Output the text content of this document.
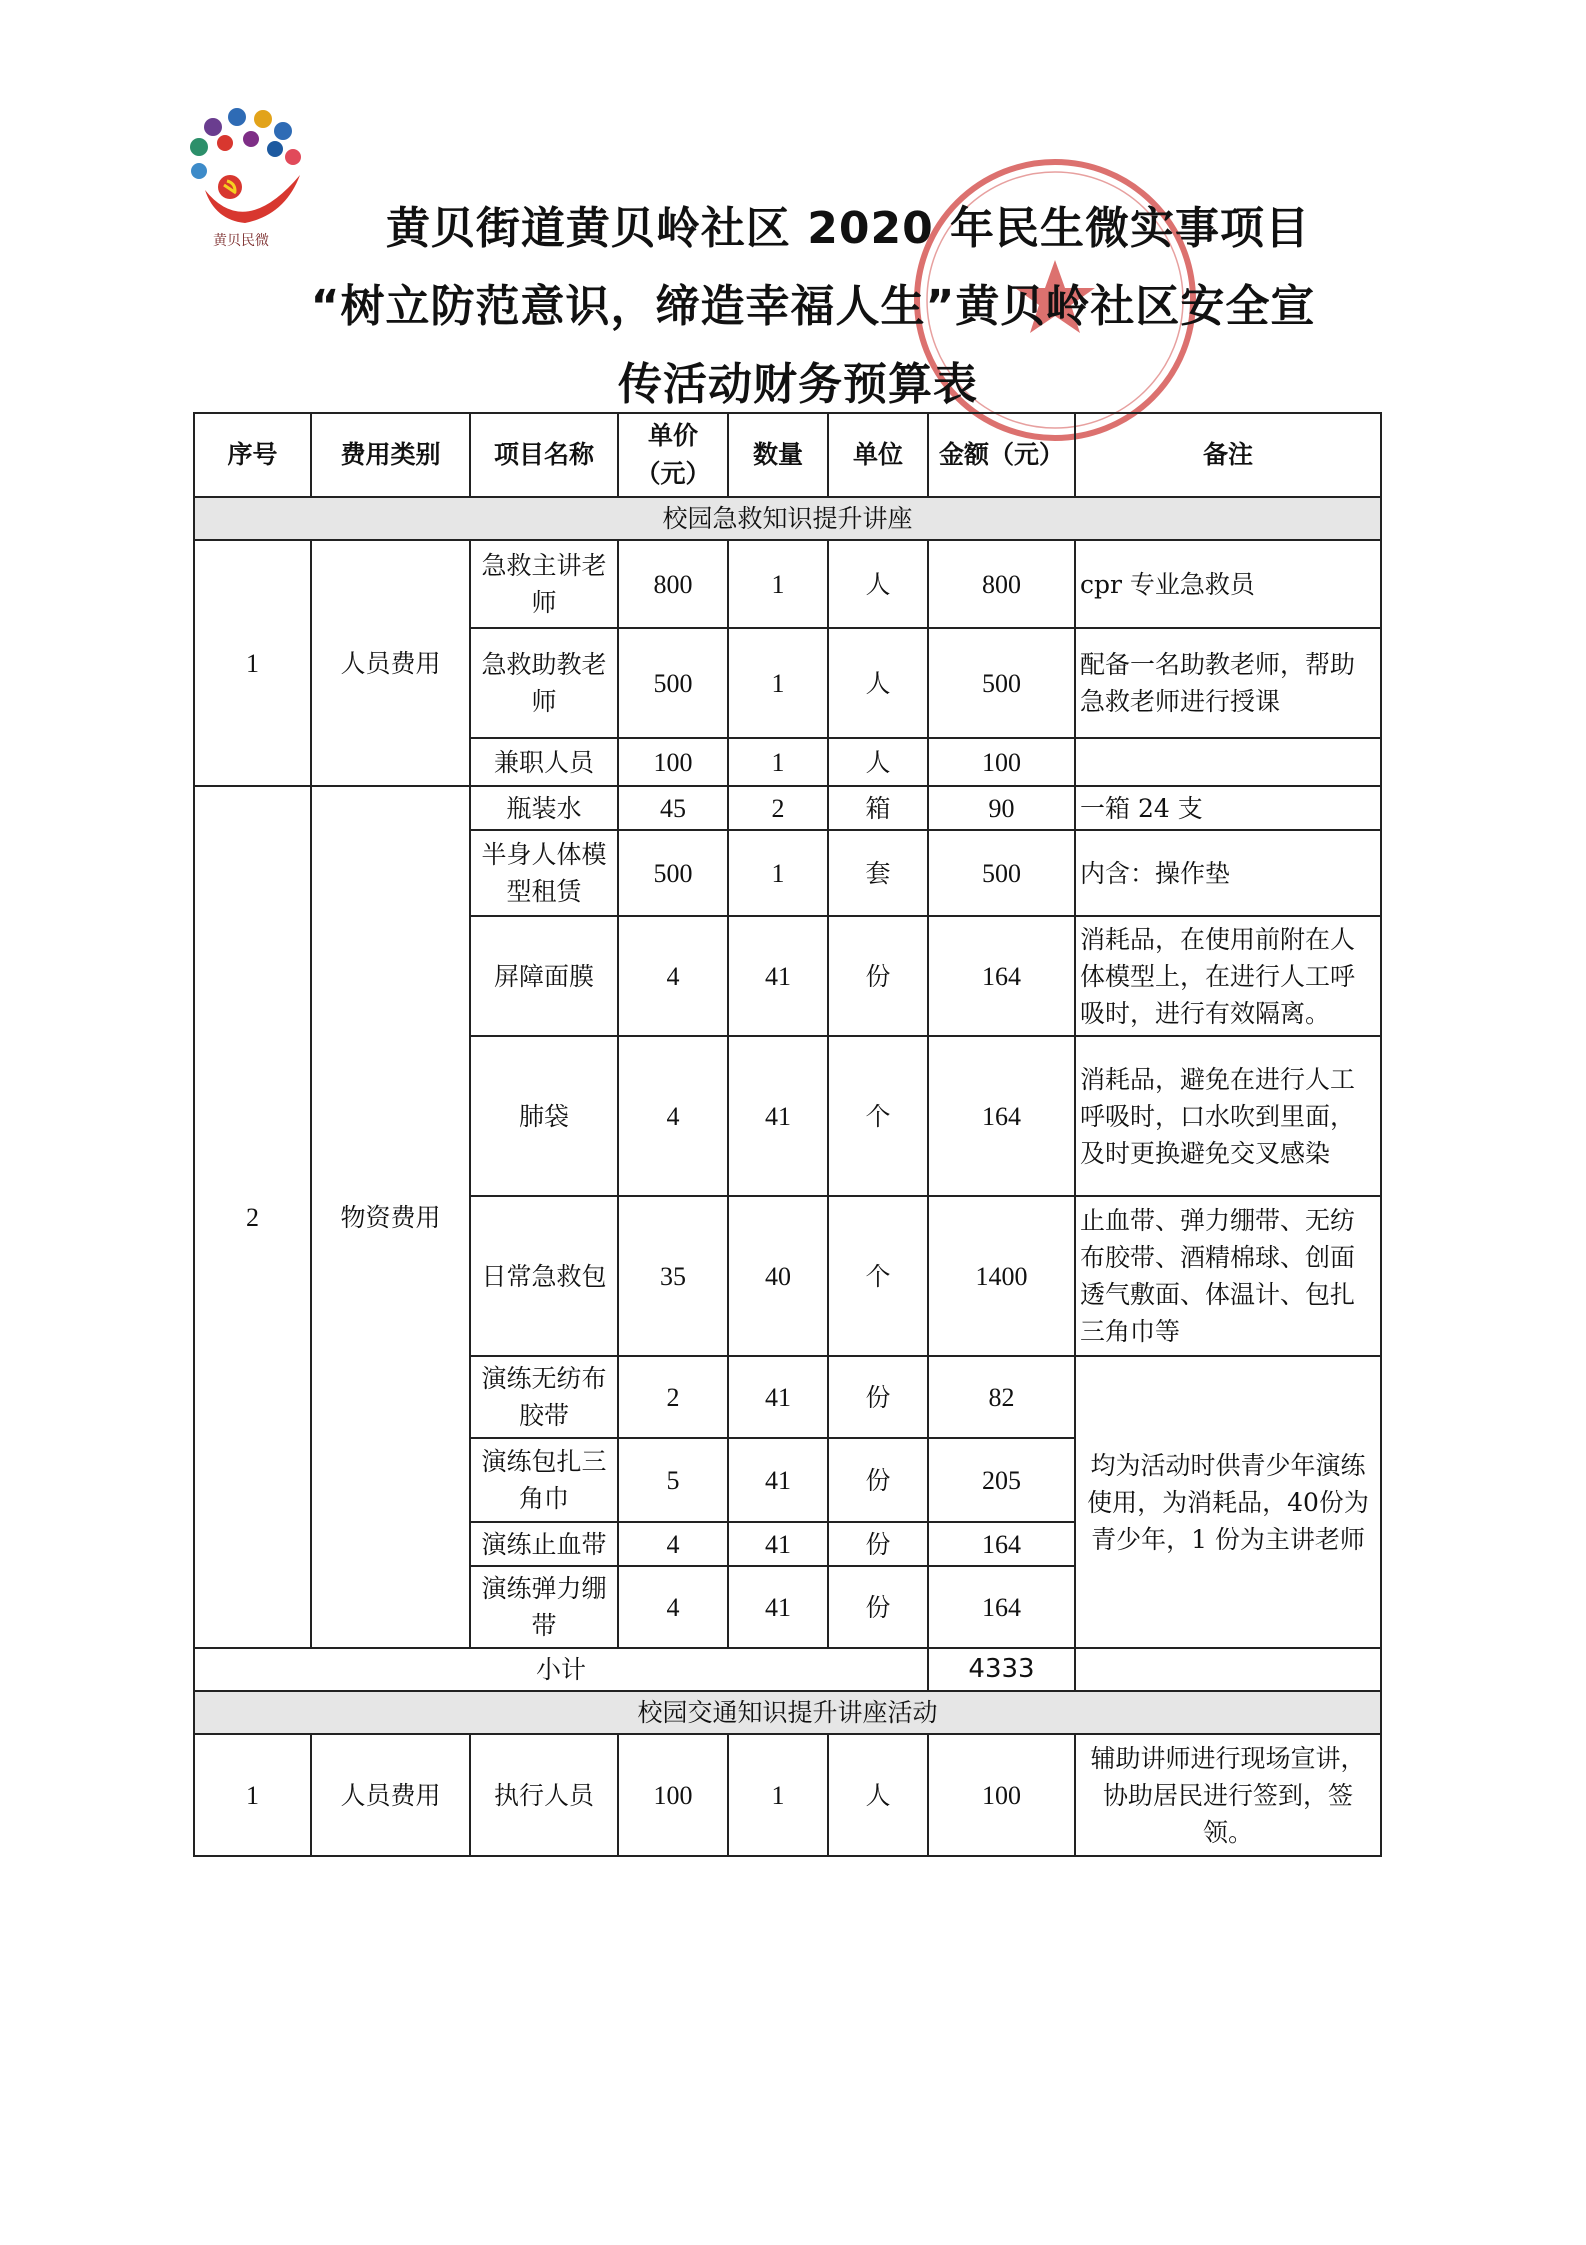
黄贝民微	黄贝街道黄贝岭社区 2020 年民生微实事项目
“树立防范意识，缔造幸福人生”黄贝岭社区安全宣
传活动财务预算表
序号	费用类别	项目名称	单价（元）	数量	单位	金额（元）	备注
校园急救知识提升讲座							
1	人员费用	急救主讲老师	800	1	人	800	cpr 专业急救员
		急救助教老师	500	1	人	500	配备一名助教老师，帮助急救老师进行授课
		兼职人员	100	1	人	100	
2	物资费用	瓶装水	45	2	箱	90	一箱 24 支
		半身人体模型租赁	500	1	套	500	内含：操作垫
		屏障面膜	4	41	份	164	消耗品，在使用前附在人体模型上，在进行人工呼吸时，进行有效隔离。
		肺袋	4	41	个	164	消耗品，避免在进行人工呼吸时，口水吹到里面，及时更换避免交叉感染
		日常急救包	35	40	个	1400	止血带、弹力绷带、无纺布胶带、酒精棉球、创面透气敷面、体温计、包扎三角巾等
		演练无纺布胶带	2	41	份	82	均为活动时供青少年演练使用，为消耗品，40份为青少年，1 份为主讲老师
		演练包扎三角巾	5	41	份	205	
		演练止血带	4	41	份	164	
		演练弹力绷带	4	41	份	164	
小计						4333	
校园交通知识提升讲座活动							
1	人员费用	执行人员	100	1	人	100	辅助讲师进行现场宣讲，协助居民进行签到，签领。
